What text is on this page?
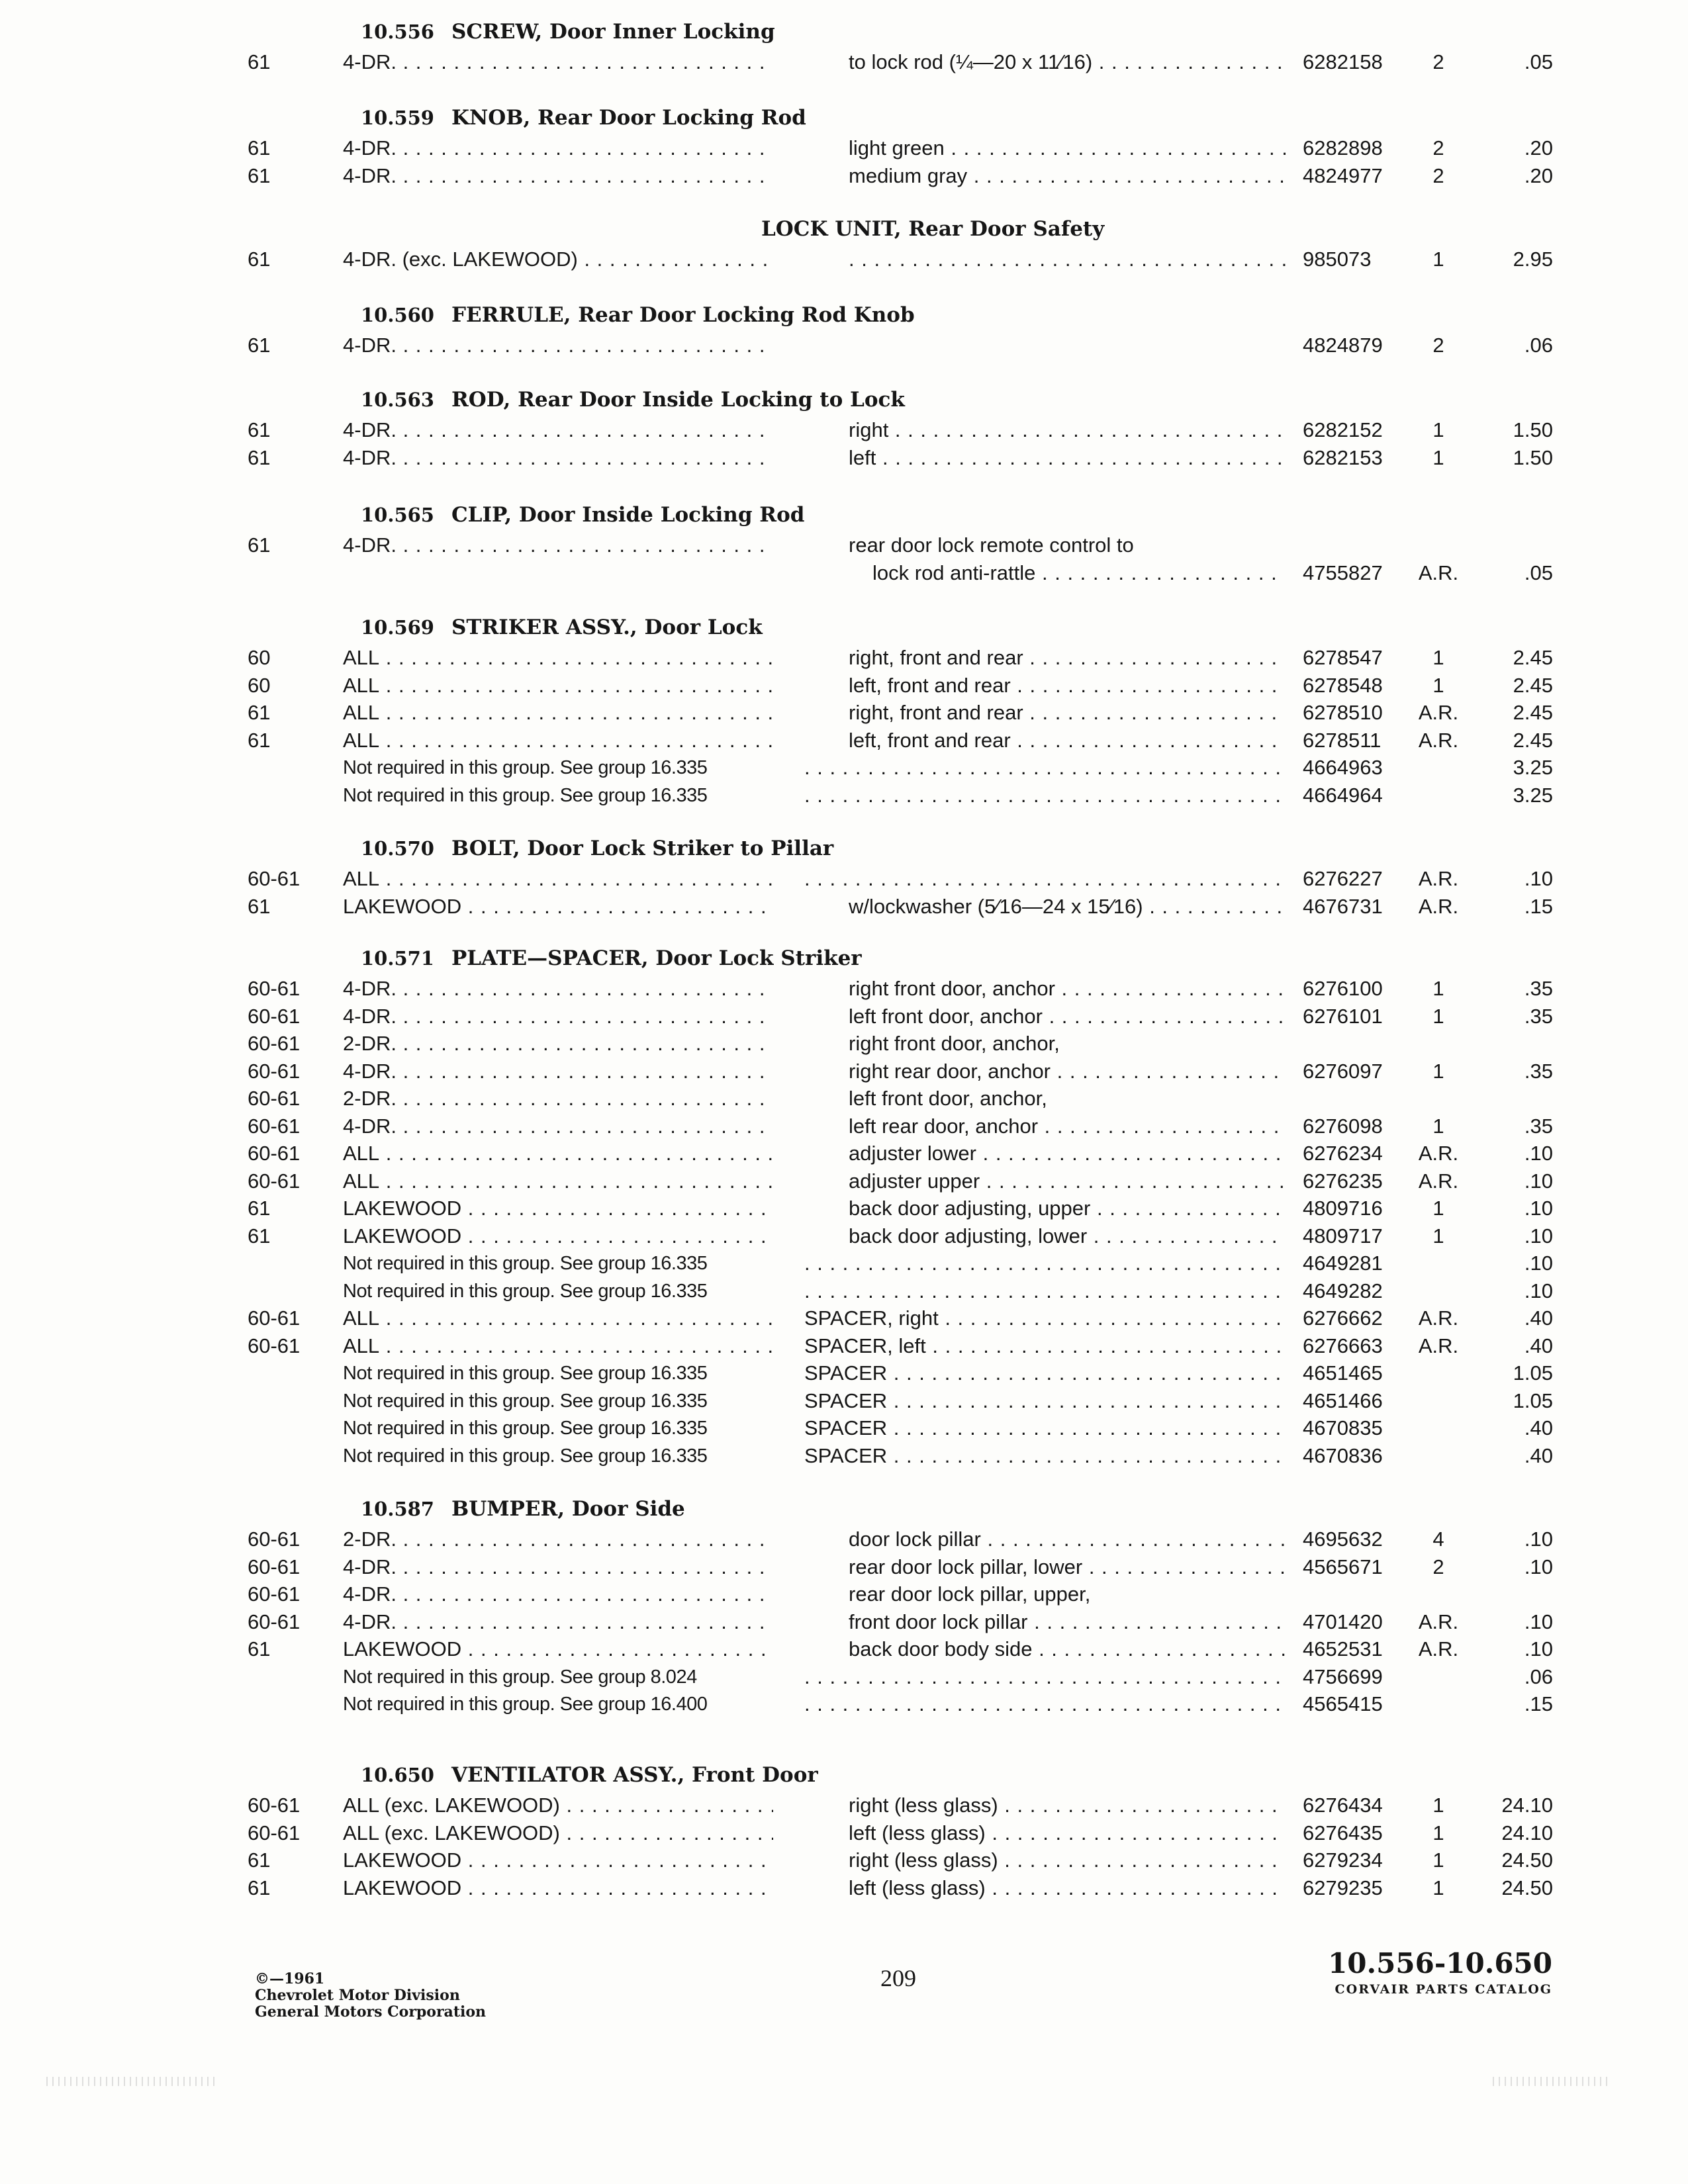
10.556 SCREW, Door Inner Locking
61	4-DR. . . .	to lock rod (¼—20 x 11⁄16) . . .	6282158	2	.05
10.559 KNOB, Rear Door Locking Rod
61	4-DR. . . .	light green . . .	6282898	2	.20
61	4-DR. . . .	medium gray . . .	4824977	2	.20
LOCK UNIT, Rear Door Safety
61	4-DR. (exc. LAKEWOOD) . . . . . .	985073	1	2.95
10.560 FERRULE, Rear Door Locking Rod Knob
61	4-DR. . . .	4824879	2	.06
10.563 ROD, Rear Door Inside Locking to Lock
61	4-DR. . . .	right . . .	6282152	1	1.50
61	4-DR. . . .	left . . .	6282153	1	1.50
10.565 CLIP, Door Inside Locking Rod
61	4-DR. . . .	rear door lock remote control to
lock rod anti-rattle . . .	4755827	A.R.	.05
10.569 STRIKER ASSY., Door Lock
60	ALL . . .	right, front and rear . . .	6278547	1	2.45
60	ALL . . .	left, front and rear . . .	6278548	1	2.45
61	ALL . . .	right, front and rear . . .	6278510	A.R.	2.45
61	ALL . . .	left, front and rear . . .	6278511	A.R.	2.45
Not required in this group. See group 16.335 . . .	4664963	3.25
Not required in this group. See group 16.335 . . .	4664964	3.25
10.570 BOLT, Door Lock Striker to Pillar
60-61	ALL . . . . . .	6276227	A.R.	.10
61	LAKEWOOD . . .	w/lockwasher (5⁄16—24 x 15⁄16) . . .	4676731	A.R.	.15
10.571 PLATE—SPACER, Door Lock Striker
60-61	4-DR. . . .	right front door, anchor . . .	6276100	1	.35
60-61	4-DR. . . .	left front door, anchor . . .	6276101	1	.35
60-61	2-DR. . . .	right front door, anchor,
60-61	4-DR. . . .	right rear door, anchor . . .	6276097	1	.35
60-61	2-DR. . . .	left front door, anchor,
60-61	4-DR. . . .	left rear door, anchor . . .	6276098	1	.35
60-61	ALL . . .	adjuster lower . . .	6276234	A.R.	.10
60-61	ALL . . .	adjuster upper . . .	6276235	A.R.	.10
61	LAKEWOOD . . .	back door adjusting, upper . . .	4809716	1	.10
61	LAKEWOOD . . .	back door adjusting, lower . . .	4809717	1	.10
Not required in this group. See group 16.335 . . .	4649281	.10
Not required in this group. See group 16.335 . . .	4649282	.10
60-61	ALL . . .	SPACER, right . . .	6276662	A.R.	.40
60-61	ALL . . .	SPACER, left . . .	6276663	A.R.	.40
Not required in this group. See group 16.335	SPACER . . .	4651465	1.05
Not required in this group. See group 16.335	SPACER . . .	4651466	1.05
Not required in this group. See group 16.335	SPACER . . .	4670835	.40
Not required in this group. See group 16.335	SPACER . . .	4670836	.40
10.587 BUMPER, Door Side
60-61	2-DR. . . .	door lock pillar . . .	4695632	4	.10
60-61	4-DR. . . .	rear door lock pillar, lower . . .	4565671	2	.10
60-61	4-DR. . . .	rear door lock pillar, upper,
60-61	4-DR. . . .	front door lock pillar . . .	4701420	A.R.	.10
61	LAKEWOOD . . .	back door body side . . .	4652531	A.R.	.10
Not required in this group. See group 8.024 . . .	4756699	.06
Not required in this group. See group 16.400 . . .	4565415	.15
10.650 VENTILATOR ASSY., Front Door
60-61	ALL (exc. LAKEWOOD) . . .	right (less glass) . . .	6276434	1	24.10
60-61	ALL (exc. LAKEWOOD) . . .	left (less glass) . . .	6276435	1	24.10
61	LAKEWOOD . . .	right (less glass) . . .	6279234	1	24.50
61	LAKEWOOD . . .	left (less glass) . . .	6279235	1	24.50
©—1961
Chevrolet Motor Division
General Motors Corporation
209	10.556-10.650
CORVAIR PARTS CATALOG
